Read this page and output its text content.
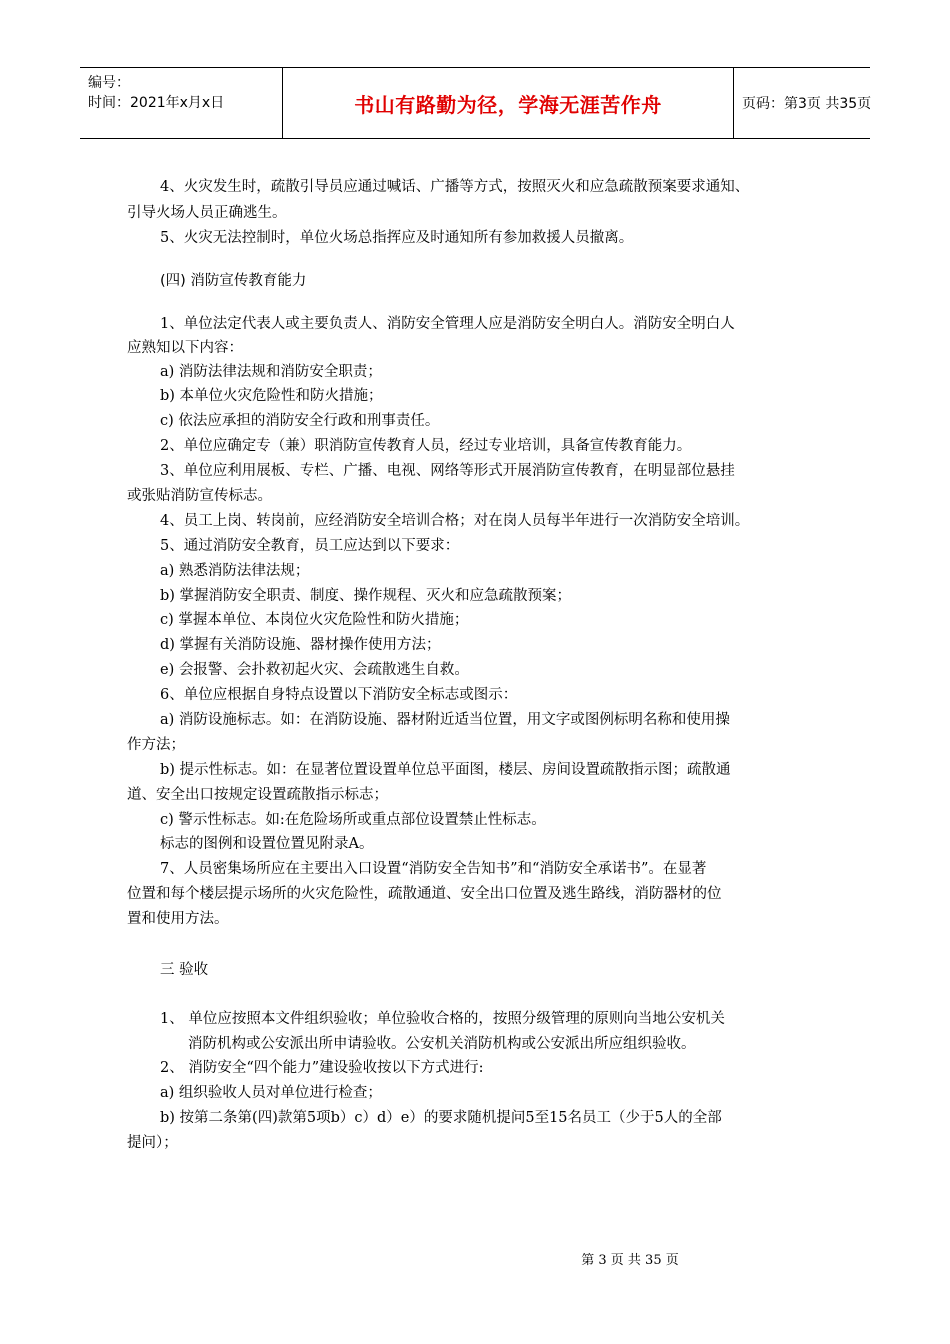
编号：
时间：2021年x月x日	书山有路勤为径，学海无涯苦作舟	页码：第3页 共35页
4、火灾发生时，疏散引导员应通过喊话、广播等方式，按照灭火和应急疏散预案要求通知、
引导火场人员正确逃生。
5、火灾无法控制时，单位火场总指挥应及时通知所有参加救援人员撤离。
(四) 消防宣传教育能力
1、单位法定代表人或主要负责人、消防安全管理人应是消防安全明白人。消防安全明白人
应熟知以下内容：
a) 消防法律法规和消防安全职责；
b) 本单位火灾危险性和防火措施；
c) 依法应承担的消防安全行政和刑事责任。
2、单位应确定专（兼）职消防宣传教育人员，经过专业培训，具备宣传教育能力。
3、单位应利用展板、专栏、广播、电视、网络等形式开展消防宣传教育，在明显部位悬挂
或张贴消防宣传标志。
4、员工上岗、转岗前，应经消防安全培训合格；对在岗人员每半年进行一次消防安全培训。
5、通过消防安全教育，员工应达到以下要求：
a) 熟悉消防法律法规；
b) 掌握消防安全职责、制度、操作规程、灭火和应急疏散预案；
c) 掌握本单位、本岗位火灾危险性和防火措施；
d) 掌握有关消防设施、器材操作使用方法；
e) 会报警、会扑救初起火灾、会疏散逃生自救。
6、单位应根据自身特点设置以下消防安全标志或图示：
a) 消防设施标志。如：在消防设施、器材附近适当位置，用文字或图例标明名称和使用操
作方法；
b) 提示性标志。如：在显著位置设置单位总平面图，楼层、房间设置疏散指示图；疏散通
道、安全出口按规定设置疏散指示标志；
c) 警示性标志。如:在危险场所或重点部位设置禁止性标志。
标志的图例和设置位置见附录A。
7、人员密集场所应在主要出入口设置“消防安全告知书”和“消防安全承诺书”。在显著
位置和每个楼层提示场所的火灾危险性，疏散通道、安全出口位置及逃生路线，消防器材的位
置和使用方法。
三 验收
1、 单位应按照本文件组织验收；单位验收合格的，按照分级管理的原则向当地公安机关
消防机构或公安派出所申请验收。公安机关消防机构或公安派出所应组织验收。
2、 消防安全“四个能力”建设验收按以下方式进行:
a) 组织验收人员对单位进行检查；
b) 按第二条第(四)款第5项b）c）d）e）的要求随机提问5至15名员工（少于5人的全部
提问）；
第 3 页 共 35 页
